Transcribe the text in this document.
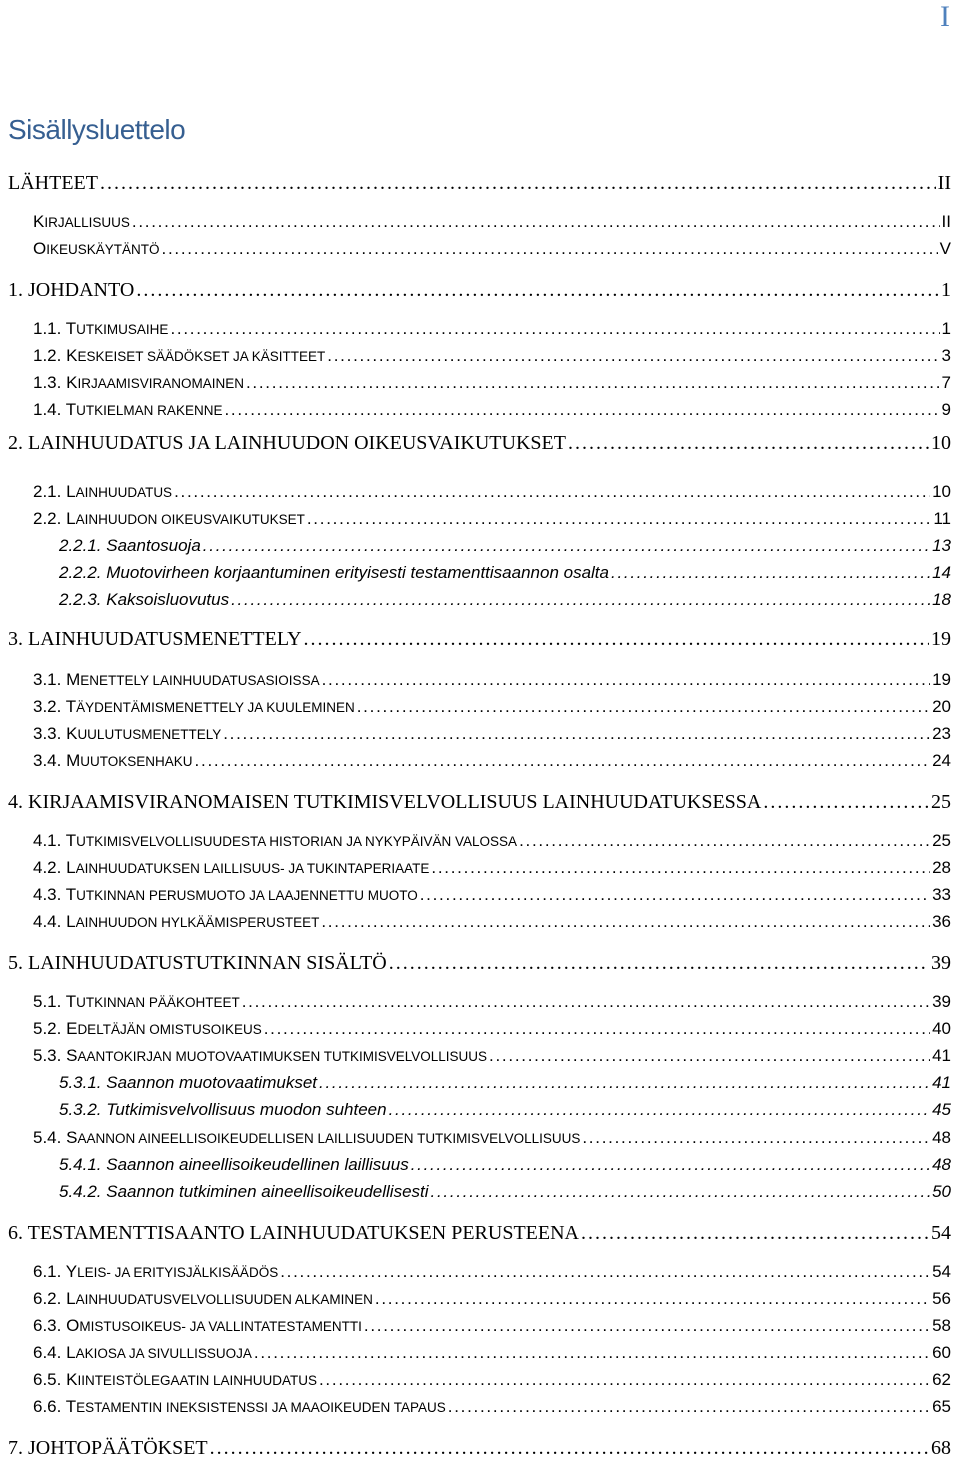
I
Sisällysluettelo
LÄHTEET . . .	II
KIRJALLISUUS . . .	II
OIKEUSKÄYTÄNTÖ . . .	V
1. JOHDANTO . . .	1
1.1. TUTKIMUSAIHE . . .	1
1.2. KESKEISET SÄÄDÖKSET JA KÄSITTEET . . .	3
1.3. KIRJAAMISVIRANOMAINEN . . .	7
1.4. TUTKIELMAN RAKENNE . . .	9
2. LAINHUUDATUS JA LAINHUUDON OIKEUSVAIKUTUKSET . . .	10
2.1. LAINHUUDATUS . . .	10
2.2. LAINHUUDON OIKEUSVAIKUTUKSET . . .	11
2.2.1. Saantosuoja . . .	13
2.2.2. Muotovirheen korjaantuminen erityisesti testamenttisaannon osalta . . .	14
2.2.3. Kaksoisluovutus . . .	18
3. LAINHUUDATUSMENETTELY . . .	19
3.1. MENETTELY LAINHUUDATUSASIOISSA . . .	19
3.2. TÄYDENTÄMISMENETTELY JA KUULEMINEN . . .	20
3.3. KUULUTUSMENETTELY . . .	23
3.4. MUUTOKSENHAKU . . .	24
4. KIRJAAMISVIRANOMAISEN TUTKIMISVELVOLLISUUS LAINHUUDATUKSESSA . . .	25
4.1. TUTKIMISVELVOLLISUUDESTA HISTORIAN JA NYKYPÄIVÄN VALOSSA . . .	25
4.2. LAINHUUDATUKSEN LAILLISUUS- JA TUKINTAPERIAATE . . .	28
4.3. TUTKINNAN PERUSMUOTO JA LAAJENNETTU MUOTO . . .	33
4.4. LAINHUUDON HYLKÄÄMISPERUSTEET . . .	36
5. LAINHUUDATUSTUTKINNAN SISÄLTÖ . . .	39
5.1. TUTKINNAN PÄÄKOHTEET . . .	39
5.2. EDELTÄJÄN OMISTUSOIKEUS . . .	40
5.3. SAANTOKIRJAN MUOTOVAATIMUKSEN TUTKIMISVELVOLLISUUS . . .	41
5.3.1. Saannon muotovaatimukset . . .	41
5.3.2. Tutkimisvelvollisuus muodon suhteen . . .	45
5.4. SAANNON AINEELLISOIKEUDELLISEN LAILLISUUDEN TUTKIMISVELVOLLISUUS . . .	48
5.4.1. Saannon aineellisoikeudellinen laillisuus . . .	48
5.4.2. Saannon tutkiminen aineellisoikeudellisesti . . .	50
6. TESTAMENTTISAANTO LAINHUUDATUKSEN PERUSTEENA . . .	54
6.1. YLEIS- JA ERITYISJÄLKISÄÄDÖS . . .	54
6.2. LAINHUUDATUSVELVOLLISUUDEN ALKAMINEN . . .	56
6.3. OMISTUSOIKEUS- JA VALLINTATESTAMENTTI . . .	58
6.4. LAKIOSA JA SIVULLISSUOJA . . .	60
6.5. KIINTEISTÖLEGAATIN LAINHUUDATUS . . .	62
6.6. TESTAMENTIN INEKSISTENSSI JA MAAOIKEUDEN TAPAUS . . .	65
7. JOHTOPÄÄTÖKSET . . .	68
